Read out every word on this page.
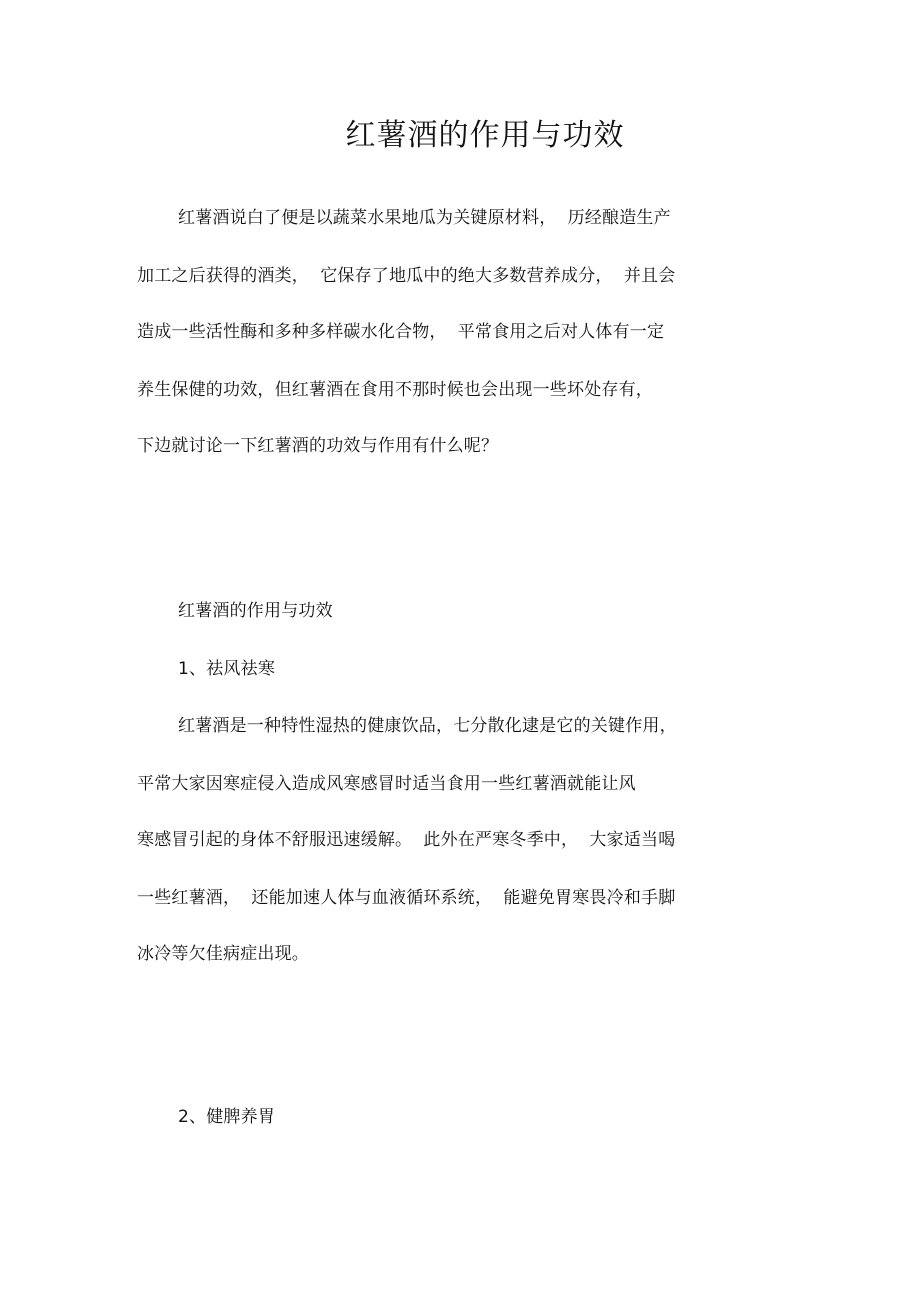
红薯酒的作用与功效
红薯酒说白了便是以蔬菜水果地瓜为关键原材料，  历经酿造生产
加工之后获得的酒类，  它保存了地瓜中的绝大多数营养成分，  并且会
造成一些活性酶和多种多样碳水化合物，  平常食用之后对人体有一定
养生保健的功效，但红薯酒在食用不那时候也会出现一些坏处存有，
下边就讨论一下红薯酒的功效与作用有什么呢？
红薯酒的作用与功效
1、祛风祛寒
红薯酒是一种特性湿热的健康饮品，七分散化逮是它的关键作用，
平常大家因寒症侵入造成风寒感冒时适当食用一些红薯酒就能让风
寒感冒引起的身体不舒服迅速缓解。  此外在严寒冬季中，  大家适当喝
一些红薯酒，  还能加速人体与血液循环系统，  能避免胃寒畏冷和手脚
冰冷等欠佳病症出现。
2、健脾养胃
